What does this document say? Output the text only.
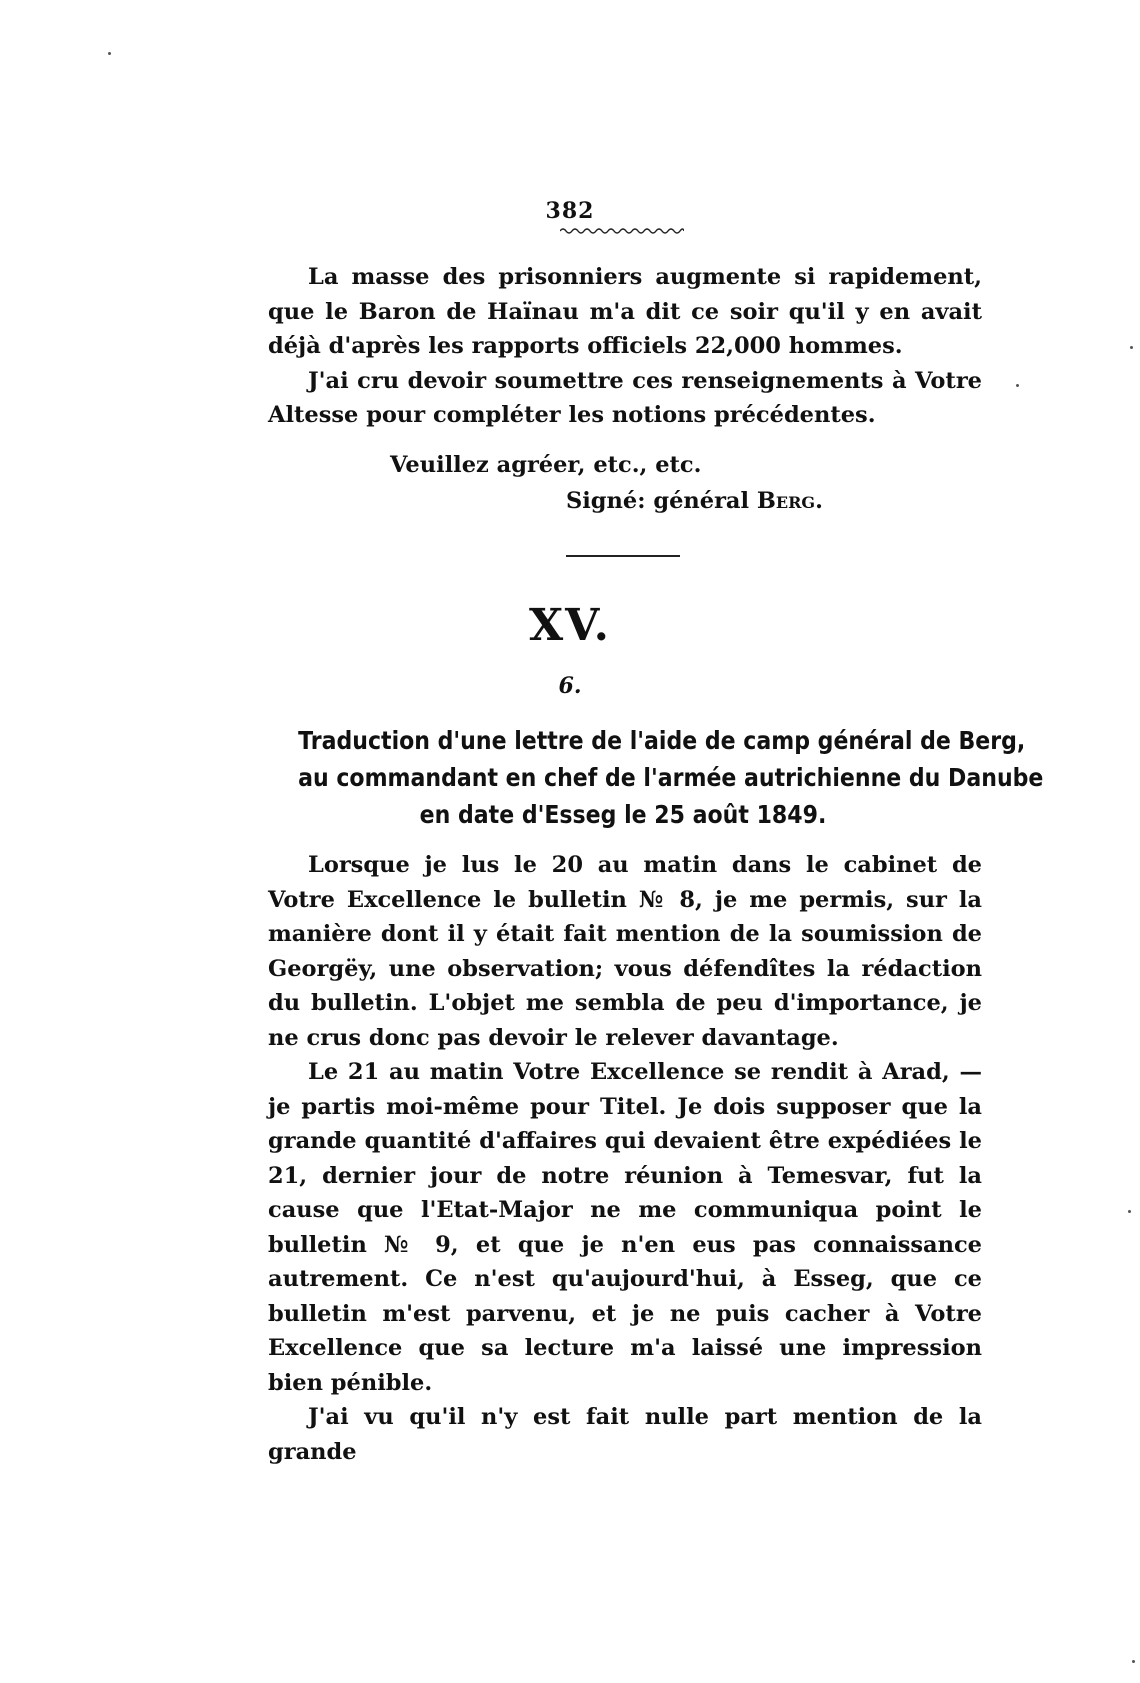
382

La masse des prisonniers augmente si rapidement, que le Baron de Haïnau m'a dit ce soir qu'il y en avait déjà d'après les rapports officiels 22,000 hommes.

J'ai cru devoir soumettre ces renseignements à Votre Altesse pour compléter les notions précédentes.

Veuillez agréer, etc., etc.
Signé: général Berg.
XV.
6.
Traduction d'une lettre de l'aide de camp général de Berg,
au commandant en chef de l'armée autrichienne du Danube
en date d'Esseg le 25 août 1849.

Lorsque je lus le 20 au matin dans le cabinet de Votre Excellence le bulletin № 8, je me permis, sur la manière dont il y était fait mention de la soumission de Georgëy, une observation; vous défendîtes la rédaction du bulletin. L'objet me sembla de peu d'importance, je ne crus donc pas devoir le relever davantage.

Le 21 au matin Votre Excellence se rendit à Arad, — je partis moi-même pour Titel. Je dois supposer que la grande quantité d'affaires qui devaient être expédiées le 21, dernier jour de notre réunion à Temesvar, fut la cause que l'Etat-Major ne me communiqua point le bulletin № 9, et que je n'en eus pas connaissance autrement. Ce n'est qu'aujourd'hui, à Esseg, que ce bulletin m'est parvenu, et je ne puis cacher à Votre Excellence que sa lecture m'a laissé une impression bien pénible.

J'ai vu qu'il n'y est fait nulle part mention de la grande
